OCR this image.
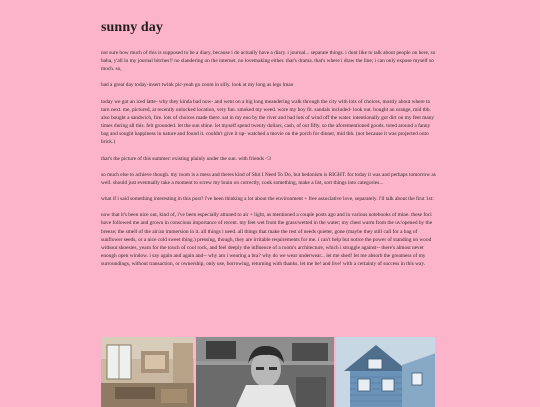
sunny day

not sure how much of this is supposed to be a diary, because i do actually have a diary. i journal... separate things. i dont like to talk about people on here, so haha, y'all in my journal bitches!! no slandering on the internet. no lovemaking either. that's drama. that's where i draw the line; i can only expose myself so much. so,

had a great day today-insert twink pic-yeah go zoom in silly. look at my long as legs lmao

today we got an iced latte- why they kinda bad now- and went on a big long meandering walk through the city with lots of choices, mostly about where to turn next. me, pictured, at recently unlocked location, very fun. smoked my weed. wore my boy fit. sandals included- look out. bought an orange, mid tbh. also bought a sandwich, fire. lots of choices made there. sat in my eno by the river and had lots of wind off the water. intentionally got dirt on my feet many times during all this. felt grounded. let the sun shine. let myself spend twenty dollars, cash, of out fifty. so the aforementioned goods. toted around a fanny bag and sought happiness in nature and found it. couldn't give it up- watched a movie on the porch for dinner, mid tbh. (not because it was projected onto brick.)

that's the picture of this summer: existing plainly under the sun. with friends <3

so much else to achieve though. my room is a mess and theres kind of Shit I Need To Do, but hedonism is RIGHT. for today it was and perhaps tomorrow as well. should just eventually take a moment to screw my brain on correctly, cook something, make a list, sort things into categories...

what if i said something interesting in this post? i've been thinking a lot about the environment + free associative love, separately. i'll talk about the first 1st:

now that it's been nice out, kind of, i've been especially attuned to air + light, as mentioned a couple posts ago and in various notebooks of mine. these foci have followed me and grown in conscious importance of recent. my feet wet from the grass/wetted in the water; my chest warm from the uv/opened by the breeze; the smell of the air/an immersion in it. all things i need. all things that make the rest of needs quieter, gone (maybe they still call for a bag of sunflower seeds, or a nice cold sweet thing.) pressing, though, they are irritable requirements for me. i can't help but notice the power of standing on wood without shoesies, yearn for the touch of cool rock, and feel deeply the influence of a room's architecture, which i struggle against-- there's almost never enough open window. i say again and again and-- why am i wearing a bra? why do we wear underwear... let me shed! let me absorb the greatness of my surroundings, without transaction, or ownership, only use, borrowing, returning with thanks. let me be! and live! with a certainty of success in this way.
